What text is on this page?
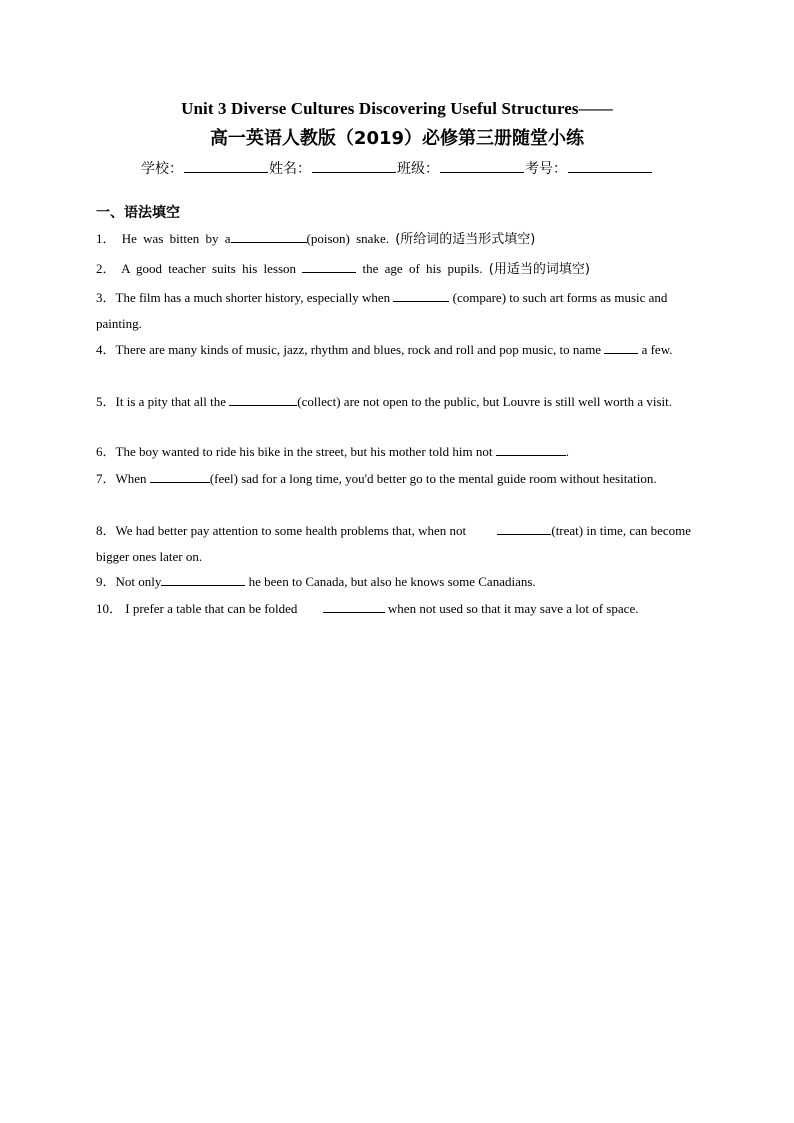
Unit 3 Diverse Cultures Discovering Useful Structures——
高一英语人教版（2019）必修第三册随堂小练
学校：	姓名：	班级：	考号：
一、语法填空
1． He was bitten by a	(poison) snake. (所给词的适当形式填空)
2． A good teacher suits his lesson	the age of his pupils. (用适当的词填空)
3．The film has a much shorter history, especially when	(compare) to such art forms as music and painting.
4．There are many kinds of music, jazz, rhythm and blues, rock and roll and pop music, to name	a few.
5．It is a pity that all the	(collect) are not open to the public, but Louvre is still well worth a visit.
6．The boy wanted to ride his bike in the street, but his mother told him not	.
7．When	(feel) sad for a long time, you'd better go to the mental guide room without hesitation.
8．We had better pay attention to some health problems that, when not	(treat) in time, can become bigger ones later on.
9．Not only	he been to Canada, but also he knows some Canadians.
10． I prefer a table that can be folded	when not used so that it may save a lot of space.
